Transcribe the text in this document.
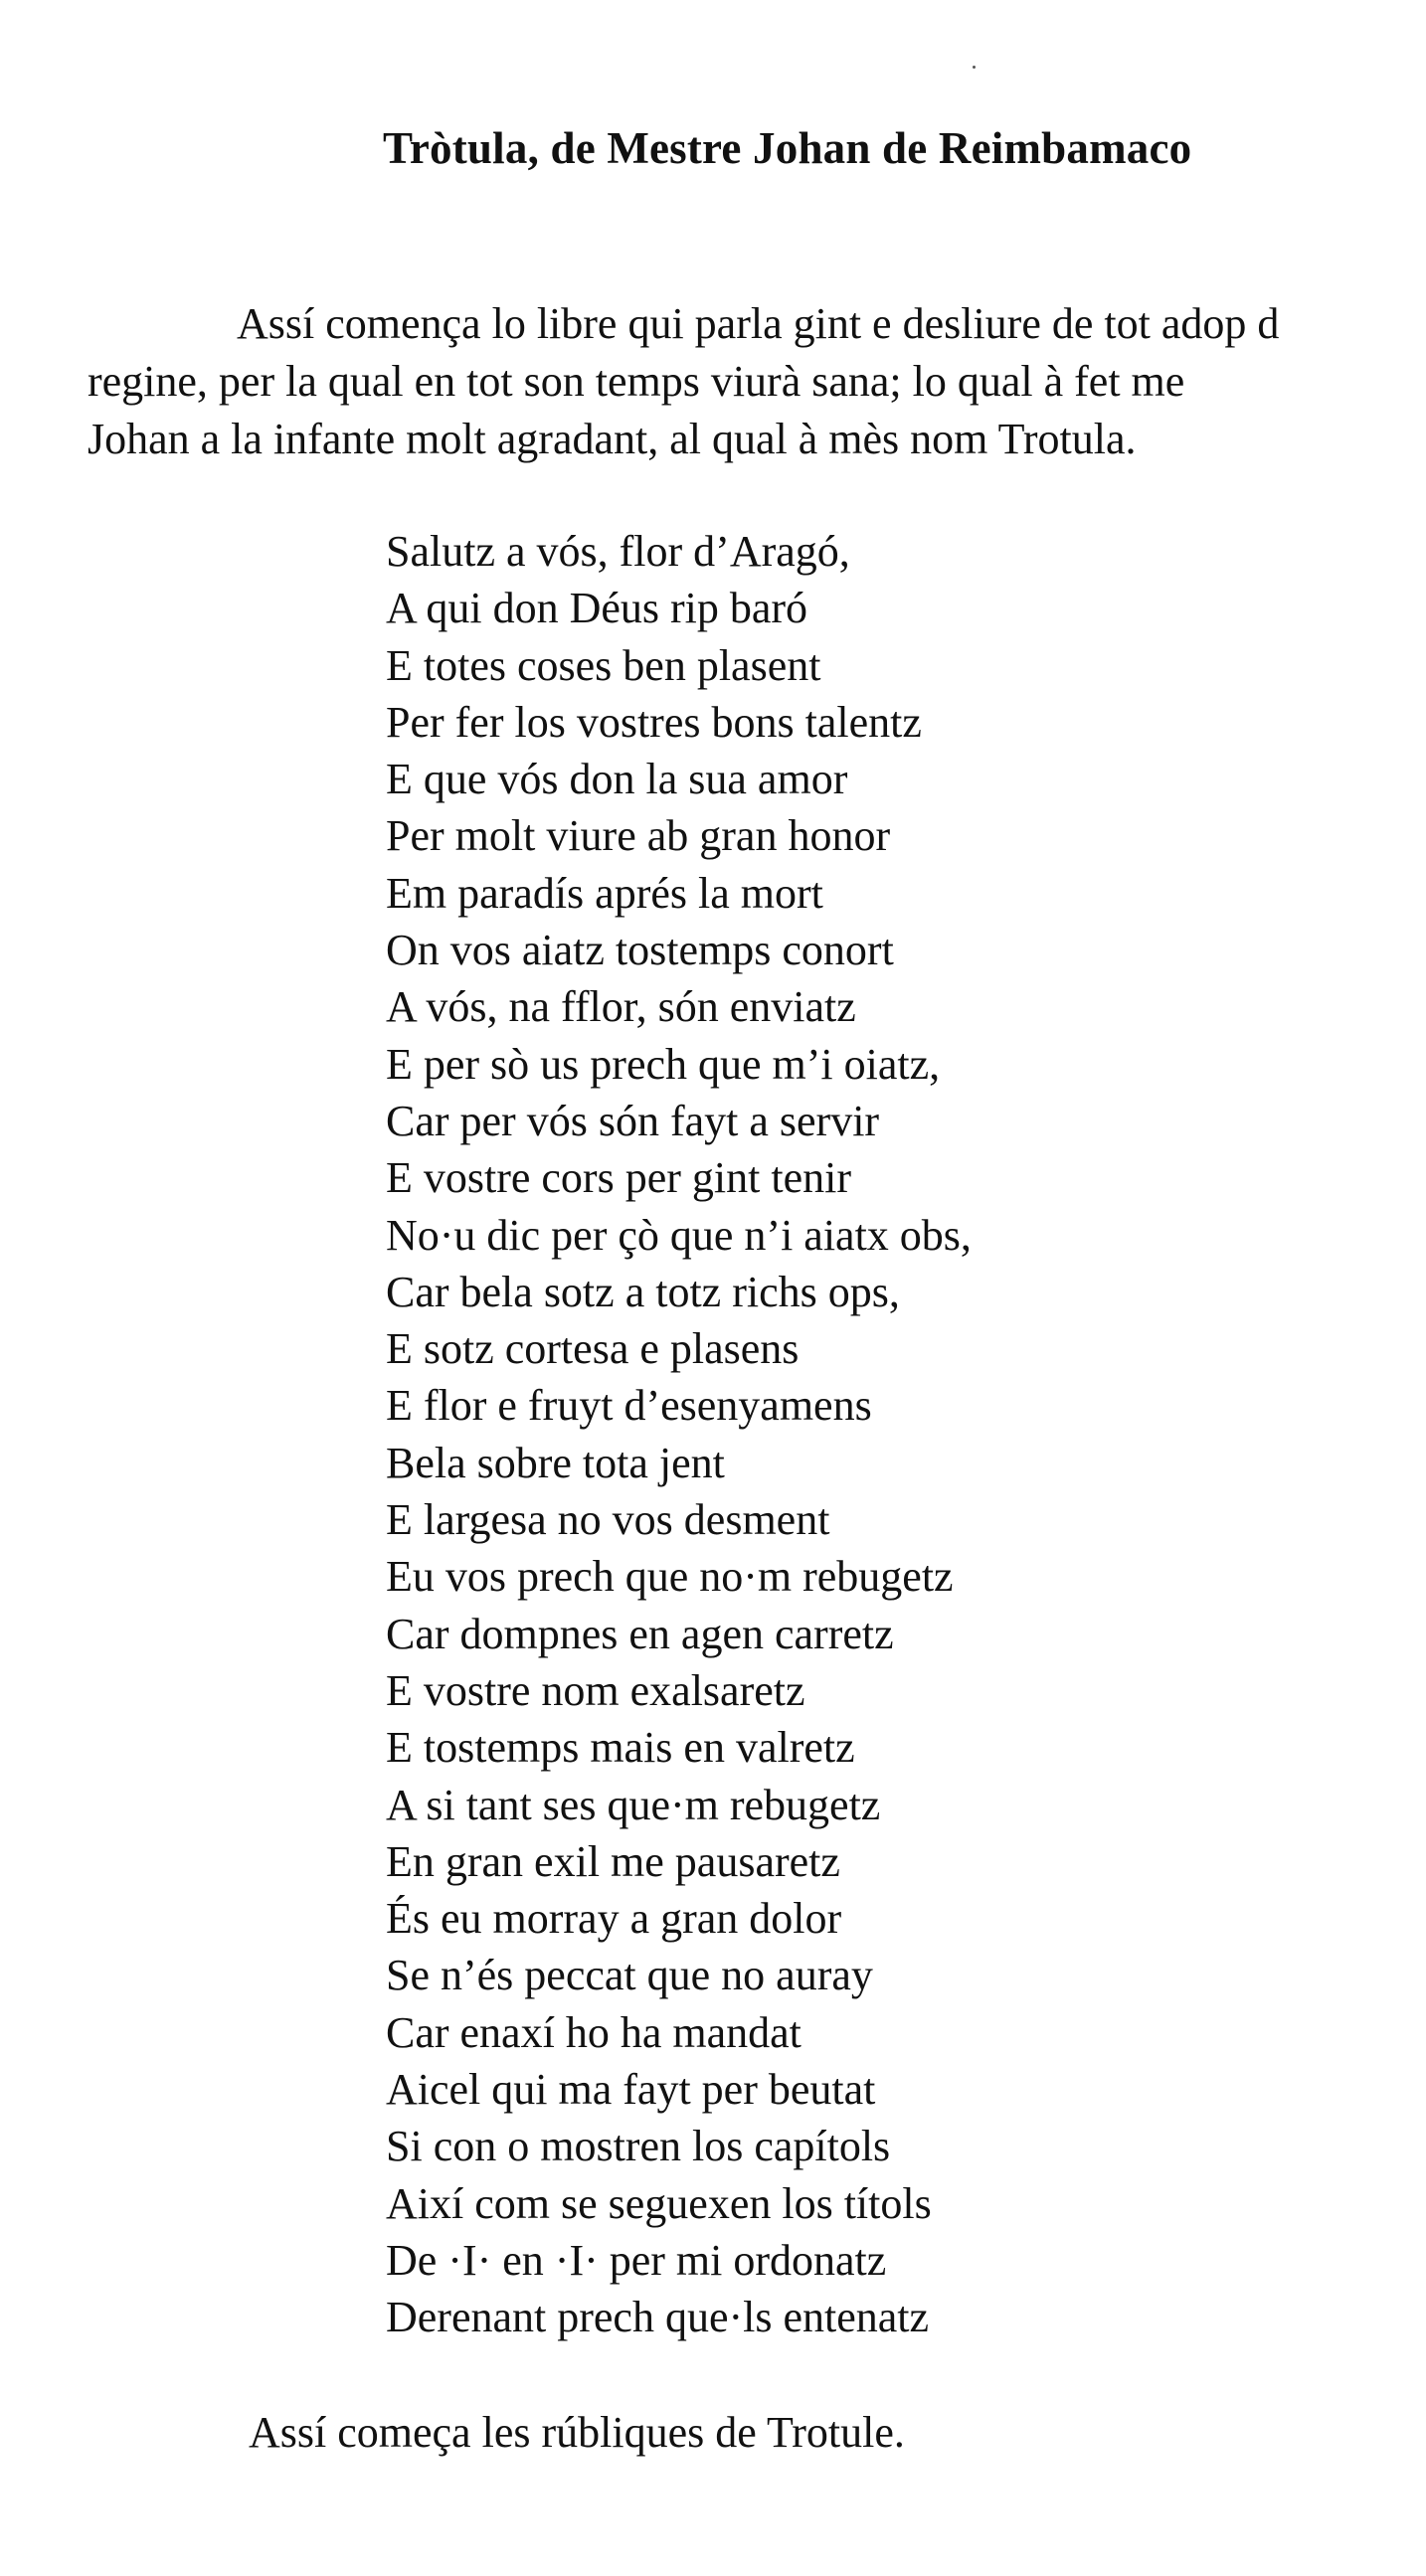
Tròtula, de Mestre Johan de Reimbamaco
Assí començа lo libre qui parla gint e desliure de tot adop d
regine, per la qual en tot son temps viurà sana; lo qual à fet me
Johan a la infante molt agradant, al qual à mès nom Trotula.
Salutz a vós, flor d’Aragó,
A qui don Déus rip baró
E totes coses ben plasent
Per fer los vostres bons talentz
E que vós don la sua amor
Per molt viure ab gran honor
Em paradís aprés la mort
On vos aiatz tostemps conort
A vós, na fflor, són enviatz
E per sò us prech que m’i oiatz,
Car per vós són fayt a servir
E vostre cors per gint tenir
No·u dic per çò que n’i aiatx obs,
Car bela sotz a totz richs ops,
E sotz cortesa e plasens
E flor e fruyt d’esenyamens
Bela sobre tota jent
E largesa no vos desment
Eu vos prech que no·m rebugetz
Car dompnes en agen carretz
E vostre nom exalsaretz
E tostemps mais en valretz
A si tant ses que·m rebugetz
En gran exil me pausaretz
És eu morray a gran dolor
Se n’és peccat que no auray
Car enaxí ho ha mandat
Aicel qui ma fayt per beutat
Si con o mostren los capítols
Així com se seguexen los títols
De ·I· en ·I· per mi ordonatz
Derenant prech que·ls entenatz
Assí começа les rúbliques de Trotule.
